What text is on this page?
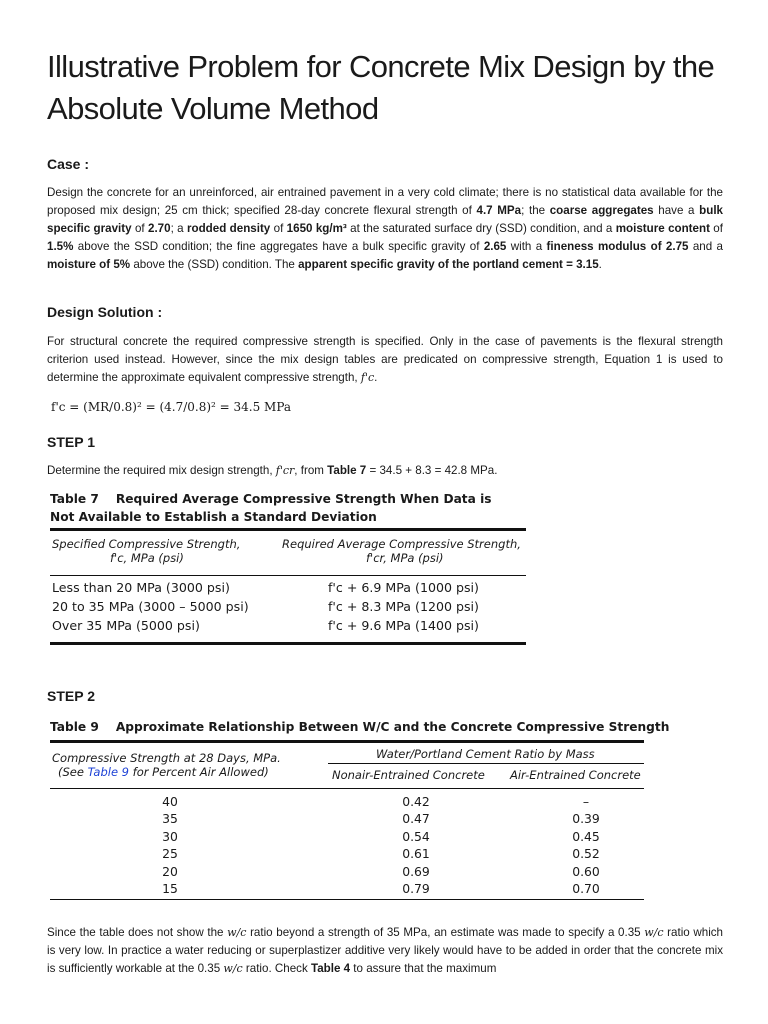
Illustrative Problem for Concrete Mix Design by the Absolute Volume Method
Case :

Design the concrete for an unreinforced, air entrained pavement in a very cold climate; there is no statistical data available for the proposed mix design; 25 cm thick; specified 28-day concrete flexural strength of 4.7 MPa; the coarse aggregates have a bulk specific gravity of 2.70; a rodded density of 1650 kg/m³ at the saturated surface dry (SSD) condition, and a moisture content of 1.5% above the SSD condition; the fine aggregates have a bulk specific gravity of 2.65 with a fineness modulus of 2.75 and a moisture of 5% above the (SSD) condition. The apparent specific gravity of the portland cement = 3.15.

Design Solution :

For structural concrete the required compressive strength is specified. Only in the case of pavements is the flexural strength criterion used instead. However, since the mix design tables are predicated on compressive strength, Equation 1 is used to determine the approximate equivalent compressive strength, f'c.

f'c = (MR/0.8)² = (4.7/0.8)² = 34.5 MPa
STEP 1

Determine the required mix design strength, f'cr, from Table 7 = 34.5 + 8.3 = 42.8 MPa.

Table 7    Required Average Compressive Strength When Data is
Not Available to Establish a Standard Deviation
Specified Compressive Strength,
f'c, MPa (psi)
Required Average Compressive Strength,
f'cr, MPa (psi)
Less than 20 MPa (3000 psi)	f'c + 6.9 MPa (1000 psi)
20 to 35 MPa (3000 – 5000 psi)	f'c + 8.3 MPa (1200 psi)
Over 35 MPa (5000 psi)	f'c + 9.6 MPa (1400 psi)
STEP 2
Table 9    Approximate Relationship Between W/C and the Concrete Compressive Strength
Compressive Strength at 28 Days, MPa.
(See Table 9 for Percent Air Allowed)
Water/Portland Cement Ratio by Mass
Nonair-Entrained Concrete Air-Entrained Concrete
40	0.42	–
35	0.47	0.39
30	0.54	0.45
25	0.61	0.52
20	0.69	0.60
15	0.79	0.70

Since the table does not show the w/c ratio beyond a strength of 35 MPa, an estimate was made to specify a 0.35 w/c ratio which is very low. In practice a water reducing or superplastizer additive very likely would have to be added in order that the concrete mix is sufficiently workable at the 0.35 w/c ratio. Check Table 4 to assure that the maximum
